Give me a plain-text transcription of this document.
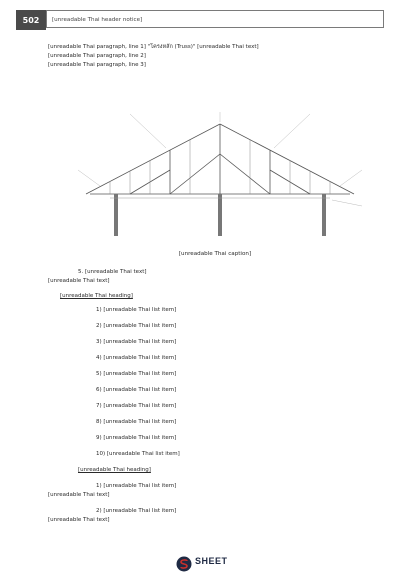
502	[unreadable Thai header notice]

[unreadable Thai paragraph, line 1] "โครงหลัก (Truss)" [unreadable Thai text]

[unreadable Thai paragraph, line 2]

[unreadable Thai paragraph, line 3]

[unreadable Thai caption]

5. [unreadable Thai text]

[unreadable Thai text]

[unreadable Thai heading]

1) [unreadable Thai list item]

2) [unreadable Thai list item]

3) [unreadable Thai list item]

4) [unreadable Thai list item]

5) [unreadable Thai list item]

6) [unreadable Thai list item]

7) [unreadable Thai list item]

8) [unreadable Thai list item]

9) [unreadable Thai list item]

10) [unreadable Thai list item]

[unreadable Thai heading]

1) [unreadable Thai list item]

[unreadable Thai text]

2) [unreadable Thai list item]

[unreadable Thai text]

SHEET
